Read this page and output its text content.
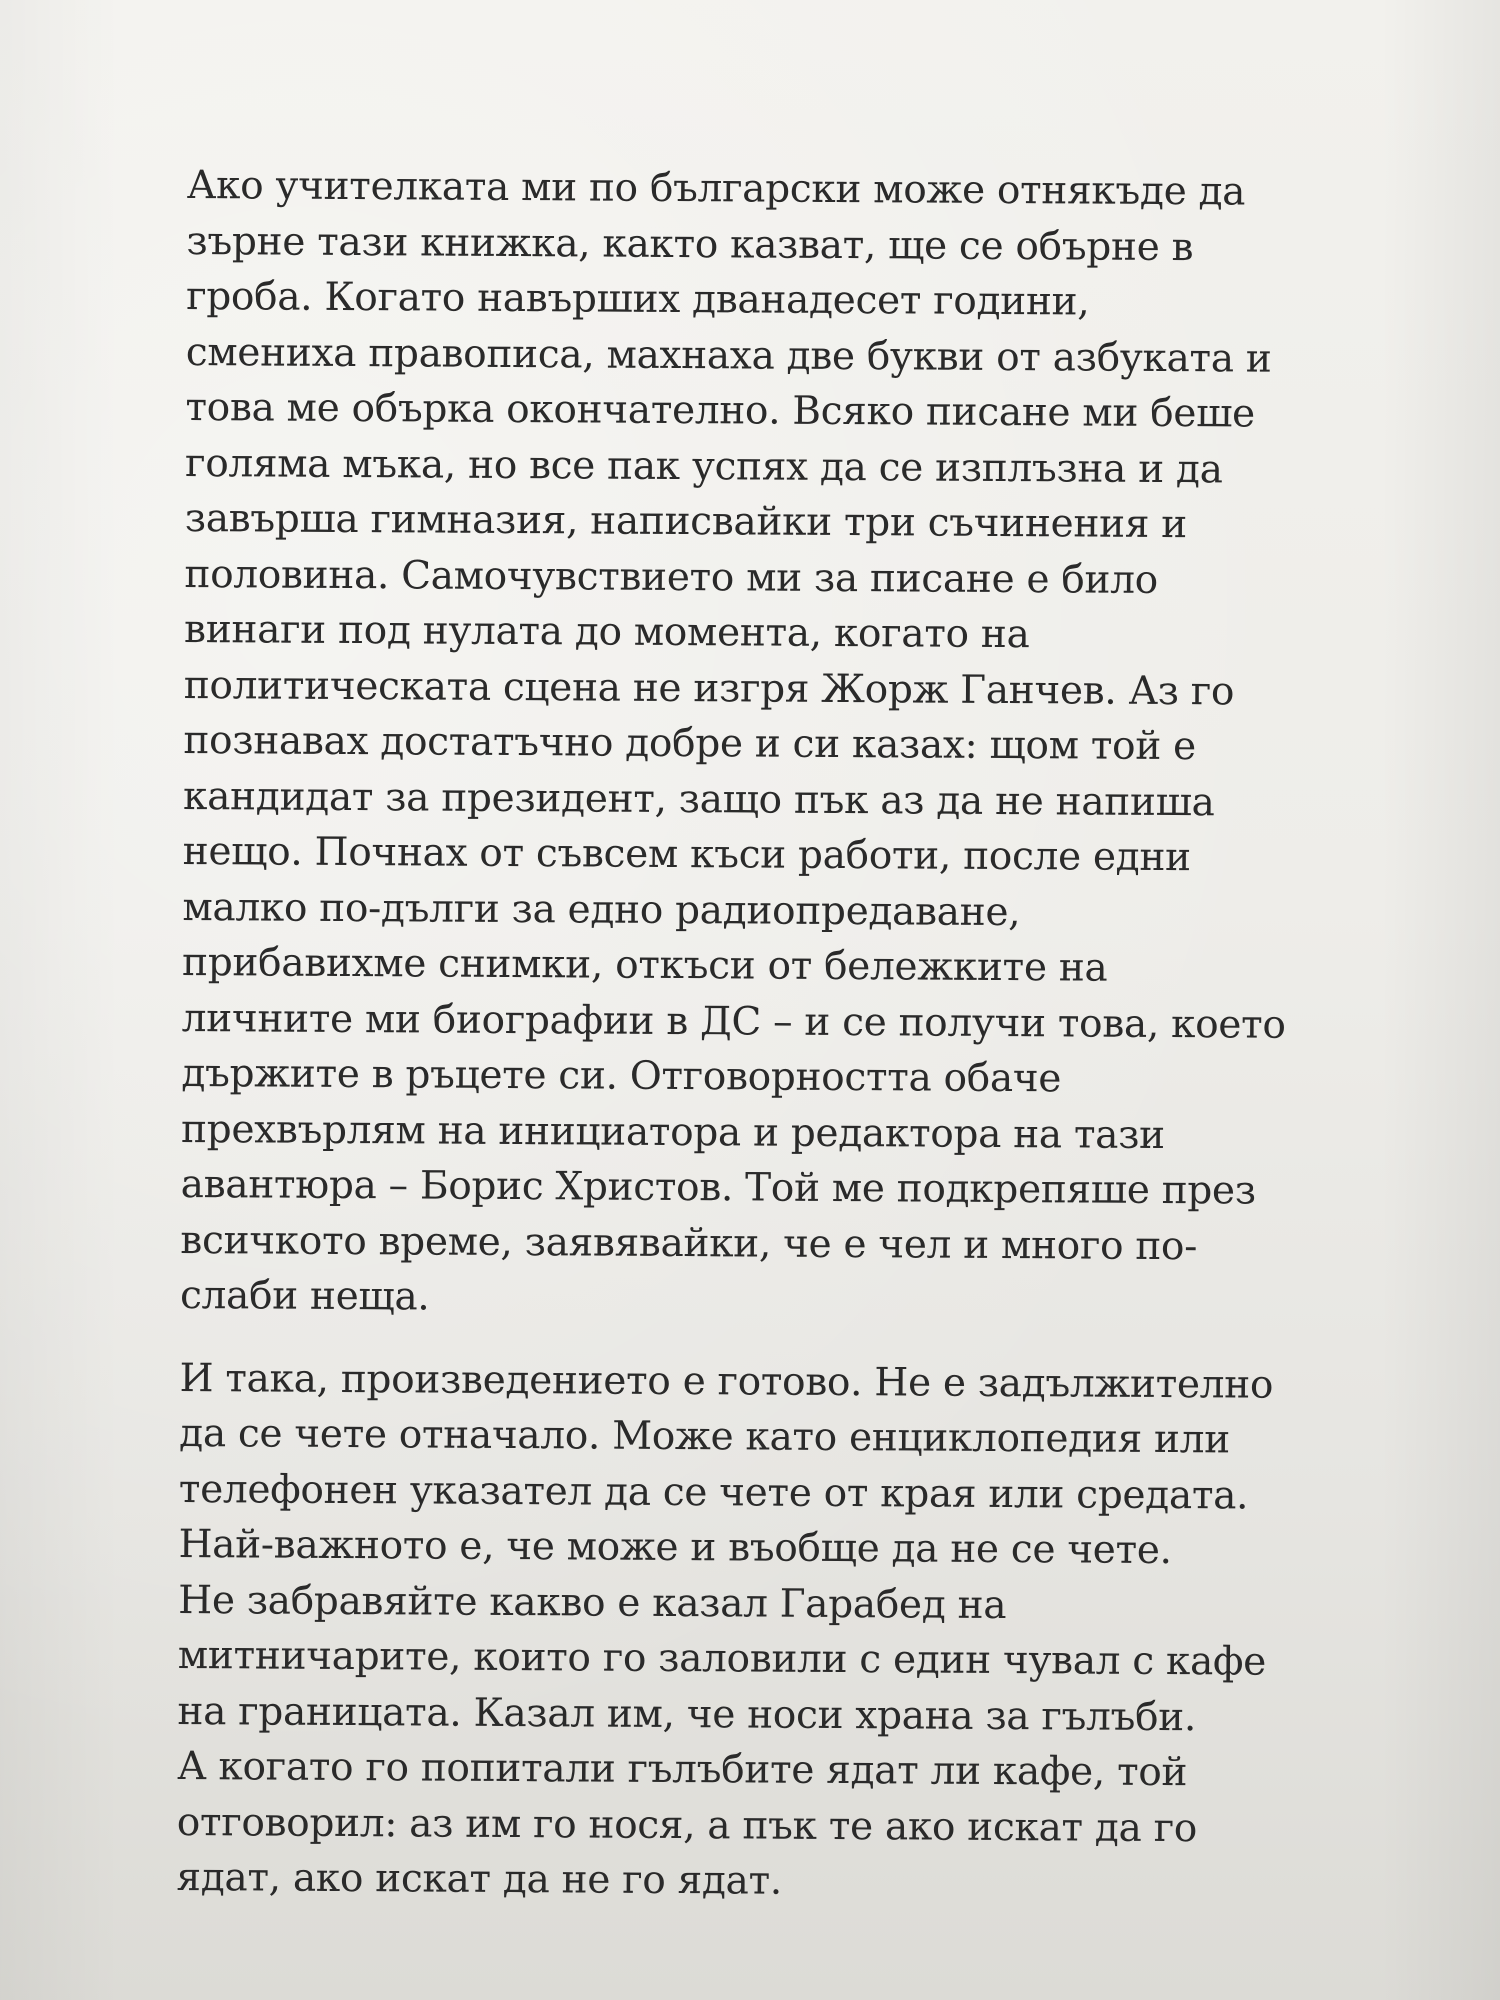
Ако учителката ми по български може отнякъде да
зърне тази книжка, както казват, ще се обърне в
гроба. Когато навърших дванадесет години,
смениха правописа, махнаха две букви от азбуката и
това ме обърка окончателно. Всяко писане ми беше
голяма мъка, но все пак успях да се изплъзна и да
завърша гимназия, написвайки три съчинения и
половина. Самочувствието ми за писане е било
винаги под нулата до момента, когато на
политическата сцена не изгря Жорж Ганчев. Аз го
познавах достатъчно добре и си казах: щом той е
кандидат за президент, защо пък аз да не напиша
нещо. Почнах от съвсем къси работи, после едни
малко по-дълги за едно радиопредаване,
прибавихме снимки, откъси от бележките на
личните ми биографии в ДС – и се получи това, което
държите в ръцете си. Отговорността обаче
прехвърлям на инициатора и редактора на тази
авантюра – Борис Христов. Той ме подкрепяше през
всичкото време, заявявайки, че е чел и много по-
слаби неща.

И така, произведението е готово. Не е задължително
да се чете отначало. Може като енциклопедия или
телефонен указател да се чете от края или средата.
Най-важното е, че може и въобще да не се чете.
Не забравяйте какво е казал Гарабед на
митничарите, които го заловили с един чувал с кафе
на границата. Казал им, че носи храна за гълъби.
А когато го попитали гълъбите ядат ли кафе, той
отговорил: аз им го нося, а пък те ако искат да го
ядат, ако искат да не го ядат.
